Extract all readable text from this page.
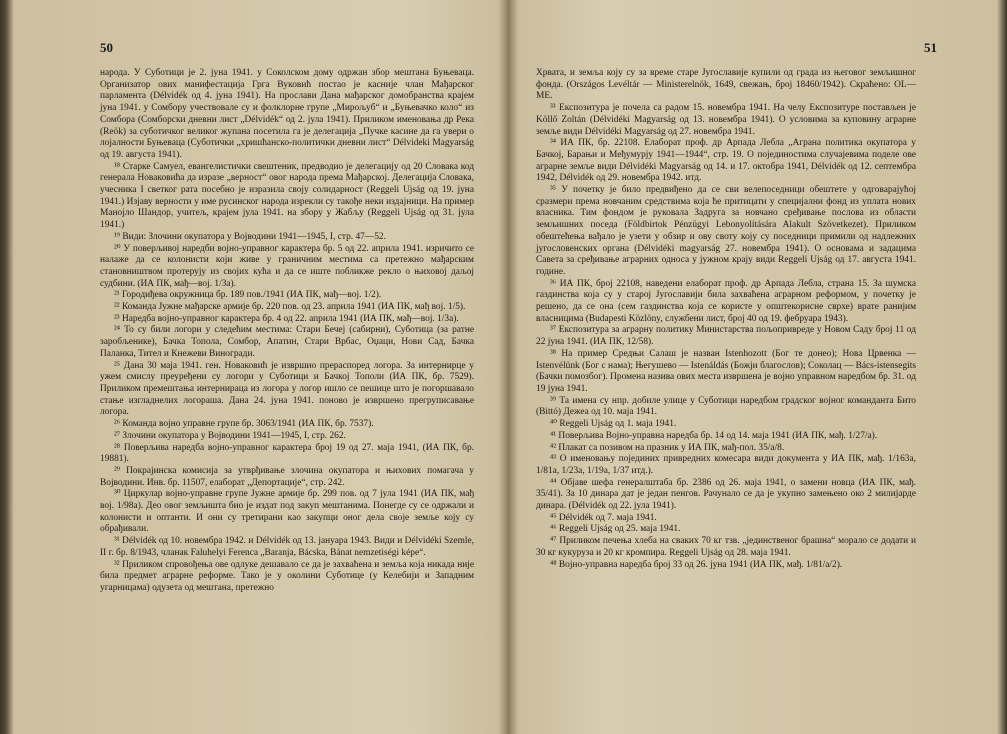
50

народа. У Суботици је 2. јуна 1941. у Соколском дому одржан збор мештана Буњеваца. Организатор ових манифестација Грга Вуковић постао је касније члан Мађарског парламента (Délvidék од 4. јуна 1941). На прослави Дана мађарског домобранства крајем јуна 1941. у Сомбору учествовале су и фолклорне групе „Мирољуб“ и „Буњевачко коло“ из Сомбора (Сомборски дневни лист „Délvidék“ од 2. јула 1941). Приликом именовања др Река (Reök) за суботичког великог жупана посетила га је делегација „Пучке касине да га увери о лојалности Буњеваца (Суботички „хришћанско-политички дневни лист“ Délvideki Magyarság од 19. августа 1941).

¹⁸ Старке Самуел, евангелистички свештеник, предводио је делегацију од 20 Словака код генерала Новаковића да изразе „верност“ овог народа према Мађарској. Делегација Словака, учесника I светког рата посебно је изразила своју солидарност (Reggeli Ujság од 19. јуна 1941.) Изјаву верности у име русинског народа изрекли су такође неки издајници. На пример Манојло Шандор, учитељ, крајем јула 1941. на збору у Жабљу (Reggeli Ujság од 31. јула 1941.)

¹⁹ Види: Злочини окупатора у Војводини 1941—1945, I, стр. 47—52.

²⁰ У поверљивој наредби војно-управног карактера бр. 5 од 22. априла 1941. изричито се налаже да се колонисти који живе у граничним местима са претежно мађарским становништвом протерују из својих кућа и да се иште побликже рекло о њиховој даљој судбини. (ИА ПК, мађ—вој. 1/3а).

²¹ Городиђева окружница бр. 189 пов./1941 (ИА ПК, мађ—вој. 1/2).

²² Команда Јужне мађарске армије бр. 220 пов. од 23. априла 1941 (ИА ПК, мађ вој. 1/5).

²³ Наредба војно-управног карактера бр. 4 од 22. априла 1941 (ИА ПК, мађ—вој. 1/3а).

²⁴ То су били логори у следећим местима: Стари Бечеј (сабирни), Суботица (за ратне заробљенике), Бачка Топола, Сомбор, Апатин, Стари Врбас, Оџаци, Нови Сад, Бачка Паланка, Тител и Кнежеви Виногради.

²⁵ Дана 30 маја 1941. ген. Новаковић је извршио прераспоред логора. За интернирце у ужем смислу преуређени су логори у Суботици и Бачкој Тополи (ИА ПК, бр. 7529). Приликом премештања интернираца из логора у логор ишло се пешице што је погоршавало стање изгладнелих логораша. Дана 24. јуна 1941. поново је извршено прегруписавање логора.

²⁶ Команда војно управне групе бр. 3063/1941 (ИА ПК, бр. 7537).

²⁷ Злочини окупатора у Војводини 1941—1945, I, стр. 262.

²⁸ Поверљива наредба војно-управног карактера број 19 од 27. маја 1941, (ИА ПК, бр. 19881).

²⁹ Покрајинска комисија за утврђивање злочина окупатора и њихових помагача у Војводини. Инв. бр. 11507, елаборат „Депортације“, стр. 242.

³⁰ Циркулар војно-управне групе Јужне армије бр. 299 пов. од 7 јула 1941 (ИА ПК, мађ вој. 1/98а). Део овог земљишта био је издат под закуп мештанима. Понегде су се одржали и колонисти и оптанти. И они су третирани као закупци оног дела своје земље коју су обрађивали.

³¹ Délvidék од 10. новембра 1942. и Délvidék од 13. јануара 1943. Види и Délvidéki Szemle, II г. бр. 8/1943, чланак Faluhelyi Ferenca „Baranja, Bácska, Bánat nemzetiségi képe“.

³² Приликом спровођења ове одлуке дешавало се да је захваћена и земља која никада није била предмет аграрне реформе. Тако је у околини Суботице (у Келебији и Западним угарницама) одузета од мештана, претежно

51

Хрвата, и земља коју су за време старе Југославије купили од града из његовог земљишног фонда. (Országos Levéltár — Ministerelnök, 1649, свежањ, број 18460/1942). Скраћено: OL—ME.

³³ Експозитура је почела са радом 15. новембра 1941. На челу Експозитуре постављен је Köllő Zoltán (Délvidéki Magyarság од 13. новембра 1941). О условима за куповину аграрне земље види Délvidéki Magyarság од 27. новембра 1941.

³⁴ ИА ПК, бр. 22108. Елаборат проф. др Арпада Лебла „Аграна политика окупатора у Бачкој, Барањи и Међумурју 1941—1944“, стр. 19. О појединостима случајевима поделе ове аграрне земље види Délvidéki Magyarság од 14. и 17. октобра 1941, Délvidék од 12. септембра 1942, Délvidék од 29. новембра 1942. итд.

³⁵ У почетку је било предвиђено да се сви велепоседници обештете у одговарајућој сразмери према новчаним средствима која ће притицати у специјални фонд из уплата нових власника. Тим фондом је руковала Задруга за новчано сређивање послова из области земљишних поседа (Földbirtok Pénzügyi Lebonyolítására Alakult Szövetkezet). Приликом обештећења вађало је узети у обзир и ову своту коју су поседници примили од надлежних југословенских органа (Délvidéki magyarság 27. новембра 1941). О основама и задацима Савета за сређивање аграрних односа у јужном крају види Reggeli Ujság од 17. августа 1941. године.

³⁶ ИА ПК, број 22108, наведени елаборат проф. др Арпада Лебла, страна 15. За шумска газдинства која су у старој Југославији била захваћена аграрном реформом, у почетку је решено, да се она (сем газдинства која се користе у општекорисне сврхе) врате ранијим власницима (Budapesti Közlöny, службени лист, број 40 од 19. фебруара 1943).

³⁷ Експозитура за аграрну политику Министарства пољопривреде у Новом Саду број 11 од 22 јуна 1941. (ИА ПК, 12/58).

³⁸ На пример Средњи Салаш је назван Istenhozott (Бог те донео); Нова Црвенка — Istenvélünk (Бог с нама); Његушево — Istenáldás (Божји благослов); Соколац — Bács-istensegíts (Бачки помозбог). Промена назива ових места извршена је војно управном наредбом бр. 31. од 19 јуна 1941.

³⁹ Та имена су нпр. добиле улице у Суботици наредбом градског војног команданта Бито (Bittó) Дежеа од 10. маја 1941.

⁴⁰ Reggeli Ujság од 1. маја 1941.

⁴¹ Поверљива Војно-управна наредба бр. 14 од 14. маја 1941 (ИА ПК, мађ. 1/27/а).

⁴² Плакат са позивом на празник у ИА ПК, мађ-пол. 35/а/8.

⁴³ О именовању појединих привредних комесара види документа у ИА ПК, мађ. 1/163а, 1/81а, 1/23а, 1/19а, 1/37 итд.).

⁴⁴ Објаве шефа генералштаба бр. 2386 од 26. маја 1941, о замени новца (ИА ПК, мађ. 35/41). За 10 динара дат је један пенгов. Рачунало се да је укупно замењено око 2 милијарде динара. (Délvidék од 22. јула 1941).

⁴⁵ Délvidék од 7. маја 1941.

⁴⁶ Reggeli Ujság од 25. маја 1941.

⁴⁷ Приликом печења хлеба на сваких 70 кг тзв. „јединственог брашна“ морало се додати и 30 кг кукуруза и 20 кг кромпира. Reggeli Ujság од 28. маја 1941.

⁴⁸ Војно-управна наредба број 33 од 26. јуна 1941 (ИА ПК, мађ. 1/81/а/2).
